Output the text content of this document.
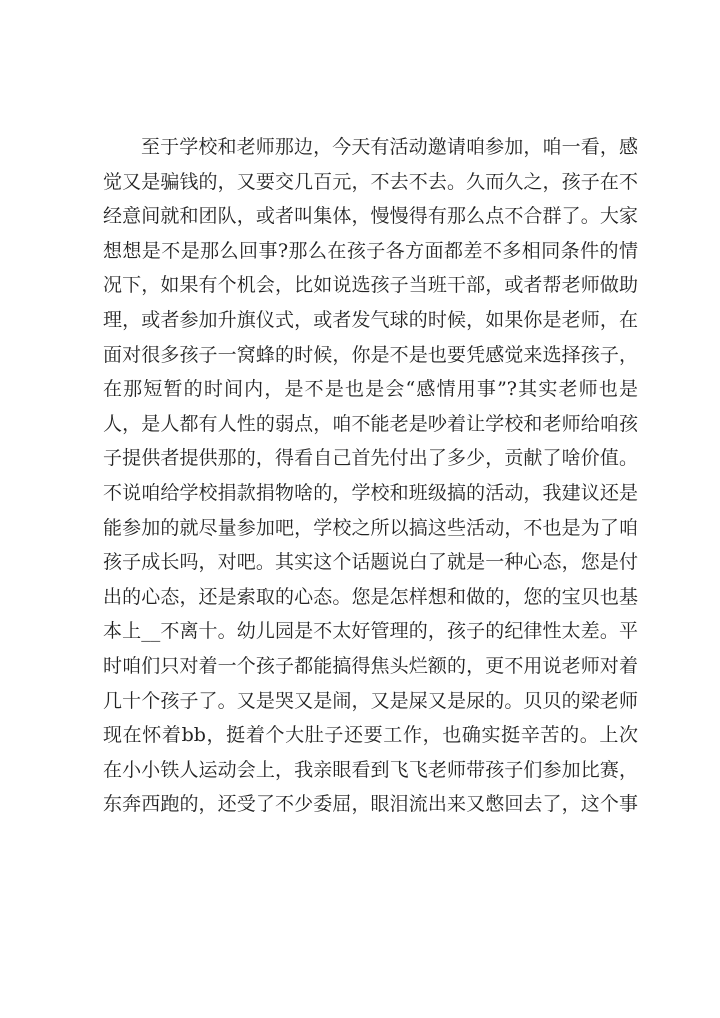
至于学校和老师那边，今天有活动邀请咱参加，咱一看，感
觉又是骗钱的，又要交几百元，不去不去。久而久之，孩子在不
经意间就和团队，或者叫集体，慢慢得有那么点不合群了。大家
想想是不是那么回事?那么在孩子各方面都差不多相同条件的情
况下，如果有个机会，比如说选孩子当班干部，或者帮老师做助
理，或者参加升旗仪式，或者发气球的时候，如果你是老师，在
面对很多孩子一窝蜂的时候，你是不是也要凭感觉来选择孩子，
在那短暂的时间内，是不是也是会“感情用事”?其实老师也是
人，是人都有人性的弱点，咱不能老是吵着让学校和老师给咱孩
子提供者提供那的，得看自己首先付出了多少，贡献了啥价值。
不说咱给学校捐款捐物啥的，学校和班级搞的活动，我建议还是
能参加的就尽量参加吧，学校之所以搞这些活动，不也是为了咱
孩子成长吗，对吧。其实这个话题说白了就是一种心态，您是付
出的心态，还是索取的心态。您是怎样想和做的，您的宝贝也基
本上__不离十。幼儿园是不太好管理的，孩子的纪律性太差。平
时咱们只对着一个孩子都能搞得焦头烂额的，更不用说老师对着
几十个孩子了。又是哭又是闹，又是屎又是尿的。贝贝的梁老师
现在怀着bb，挺着个大肚子还要工作，也确实挺辛苦的。上次
在小小铁人运动会上，我亲眼看到飞飞老师带孩子们参加比赛，
东奔西跑的，还受了不少委屈，眼泪流出来又憋回去了，这个事
